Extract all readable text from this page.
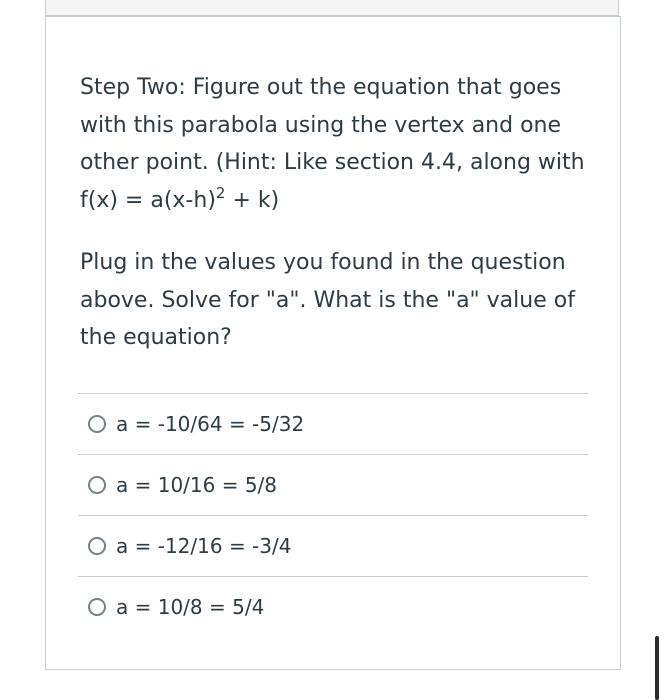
Step Two: Figure out the equation that goes with this parabola using the vertex and one other point. (Hint: Like section 4.4, along with
$f(x) = a(x-h)^2 + k$)

Plug in the values you found in the question above. Solve for "a". What is the "a" value of the equation?

a = -10/64 = -5/32
a = 10/16 = 5/8
a = -12/16 = -3/4
a = 10/8 = 5/4
